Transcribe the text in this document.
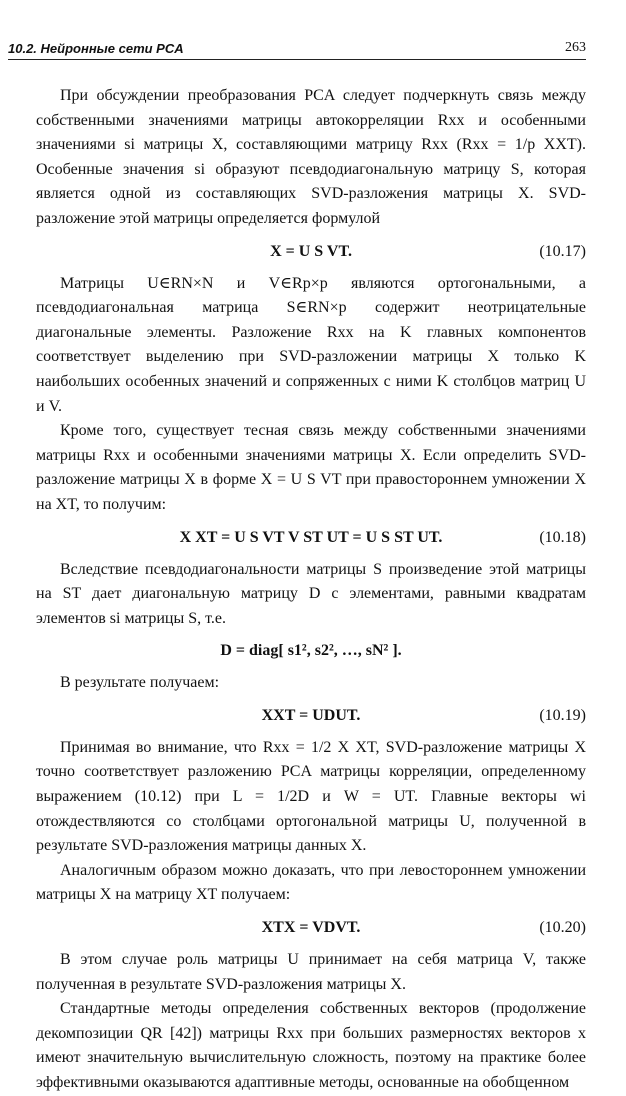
10.2. Нейронные сети PCA	263

При обсуждении преобразования PCA следует подчеркнуть связь между собственными значениями матрицы автокорреляции Rxx и особенными значениями si матрицы X, составляющими матрицу Rxx (Rxx = 1/p XXT). Особенные значения si образуют псевдодиагональную матрицу S, которая является одной из составляющих SVD-разложения матрицы X. SVD-разложение этой матрицы определяется формулой

X = U S VT.	(10.17)

Матрицы U∈RN×N и V∈Rp×p являются ортогональными, а псевдодиагональная матрица S∈RN×p содержит неотрицательные диагональные элементы. Разложение Rxx на K главных компонентов соответствует выделению при SVD-разложении матрицы X только K наибольших особенных значений и сопряженных с ними K столбцов матриц U и V.

Кроме того, существует тесная связь между собственными значениями матрицы Rxx и особенными значениями матрицы X. Если определить SVD-разложение матрицы X в форме X = U S VT при правостороннем умножении X на XT, то получим:

X XT = U S VT V ST UT = U S ST UT.	(10.18)

Вследствие псевдодиагональности матрицы S произведение этой матрицы на ST дает диагональную матрицу D с элементами, равными квадратам элементов si матрицы S, т.е.

D = diag[ s1², s2², …, sN² ].

В результате получаем:

XXT = UDUT.	(10.19)

Принимая во внимание, что Rxx = 1/2 X XT, SVD-разложение матрицы X точно соответствует разложению PCA матрицы корреляции, определенному выражением (10.12) при L = 1/2D и W = UT. Главные векторы wi отождествляются со столбцами ортогональной матрицы U, полученной в результате SVD-разложения матрицы данных X.

Аналогичным образом можно доказать, что при левостороннем умножении матрицы X на матрицу XT получаем:

XTX = VDVT.	(10.20)

В этом случае роль матрицы U принимает на себя матрица V, также полученная в результате SVD-разложения матрицы X.

Стандартные методы определения собственных векторов (продолжение декомпозиции QR [42]) матрицы Rxx при больших размерностях векторов x имеют значительную вычислительную сложность, поэтому на практике более эффективными оказываются адаптивные методы, основанные на обобщенном
